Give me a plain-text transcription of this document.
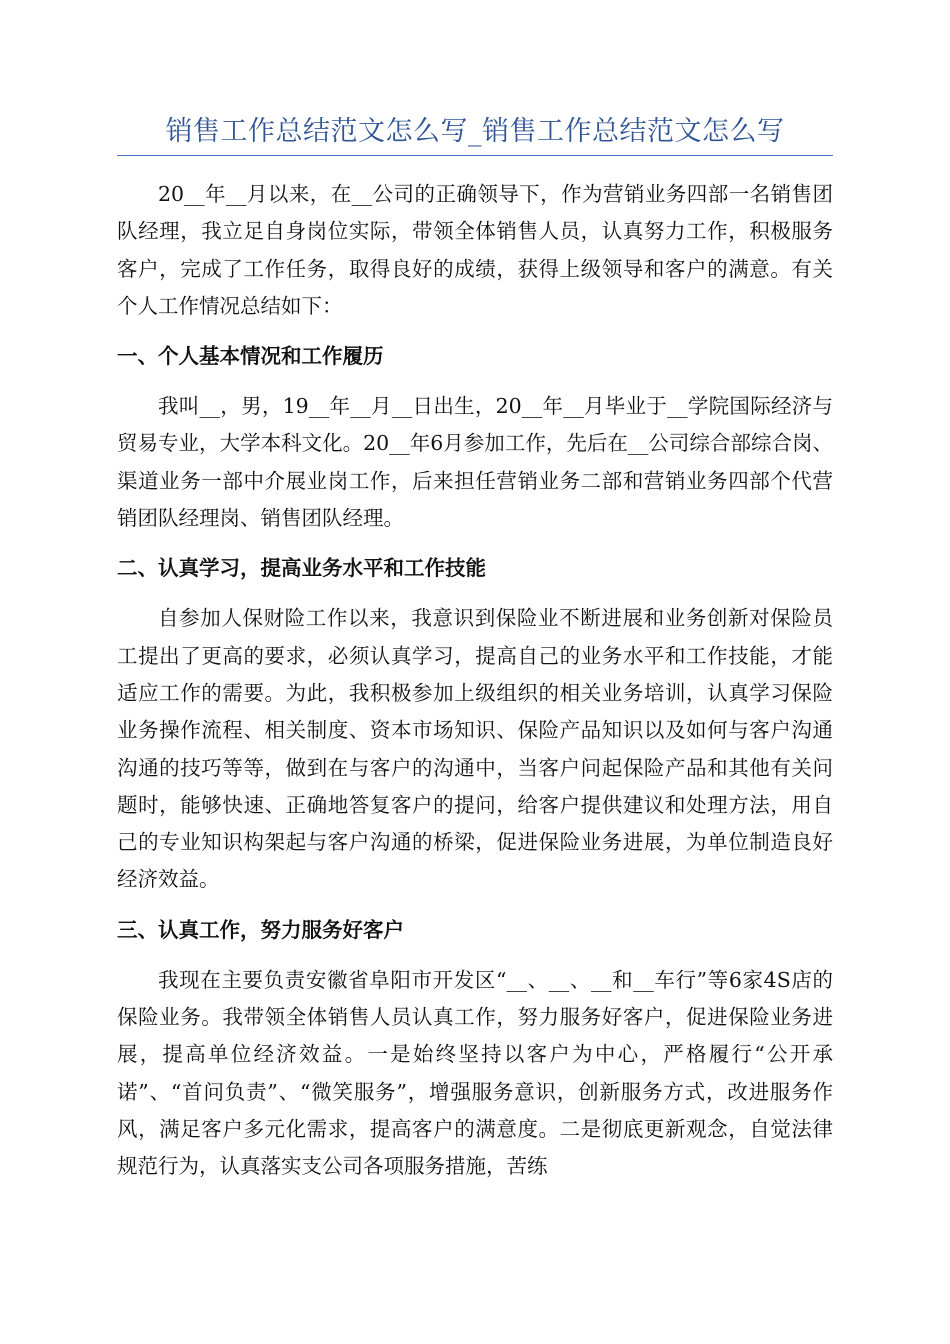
销售工作总结范文怎么写_销售工作总结范文怎么写

20__年__月以来，在__公司的正确领导下，作为营销业务四部一名销售团队经理，我立足自身岗位实际，带领全体销售人员，认真努力工作，积极服务客户，完成了工作任务，取得良好的成绩，获得上级领导和客户的满意。有关个人工作情况总结如下：

一、个人基本情况和工作履历

我叫__，男，19__年__月__日出生，20__年__月毕业于__学院国际经济与贸易专业，大学本科文化。20__年6月参加工作，先后在__公司综合部综合岗、渠道业务一部中介展业岗工作，后来担任营销业务二部和营销业务四部个代营销团队经理岗、销售团队经理。

二、认真学习，提高业务水平和工作技能

自参加人保财险工作以来，我意识到保险业不断进展和业务创新对保险员工提出了更高的要求，必须认真学习，提高自己的业务水平和工作技能，才能适应工作的需要。为此，我积极参加上级组织的相关业务培训，认真学习保险业务操作流程、相关制度、资本市场知识、保险产品知识以及如何与客户沟通沟通的技巧等等，做到在与客户的沟通中，当客户问起保险产品和其他有关问题时，能够快速、正确地答复客户的提问，给客户提供建议和处理方法，用自己的专业知识构架起与客户沟通的桥梁，促进保险业务进展，为单位制造良好经济效益。

三、认真工作，努力服务好客户

我现在主要负责安徽省阜阳市开发区“__、__、__和__车行”等6家4S店的保险业务。我带领全体销售人员认真工作，努力服务好客户，促进保险业务进展，提高单位经济效益。一是始终坚持以客户为中心，严格履行“公开承诺”、“首问负责”、“微笑服务”，增强服务意识，创新服务方式，改进服务作风，满足客户多元化需求，提高客户的满意度。二是彻底更新观念，自觉法律规范行为，认真落实支公司各项服务措施，苦练
